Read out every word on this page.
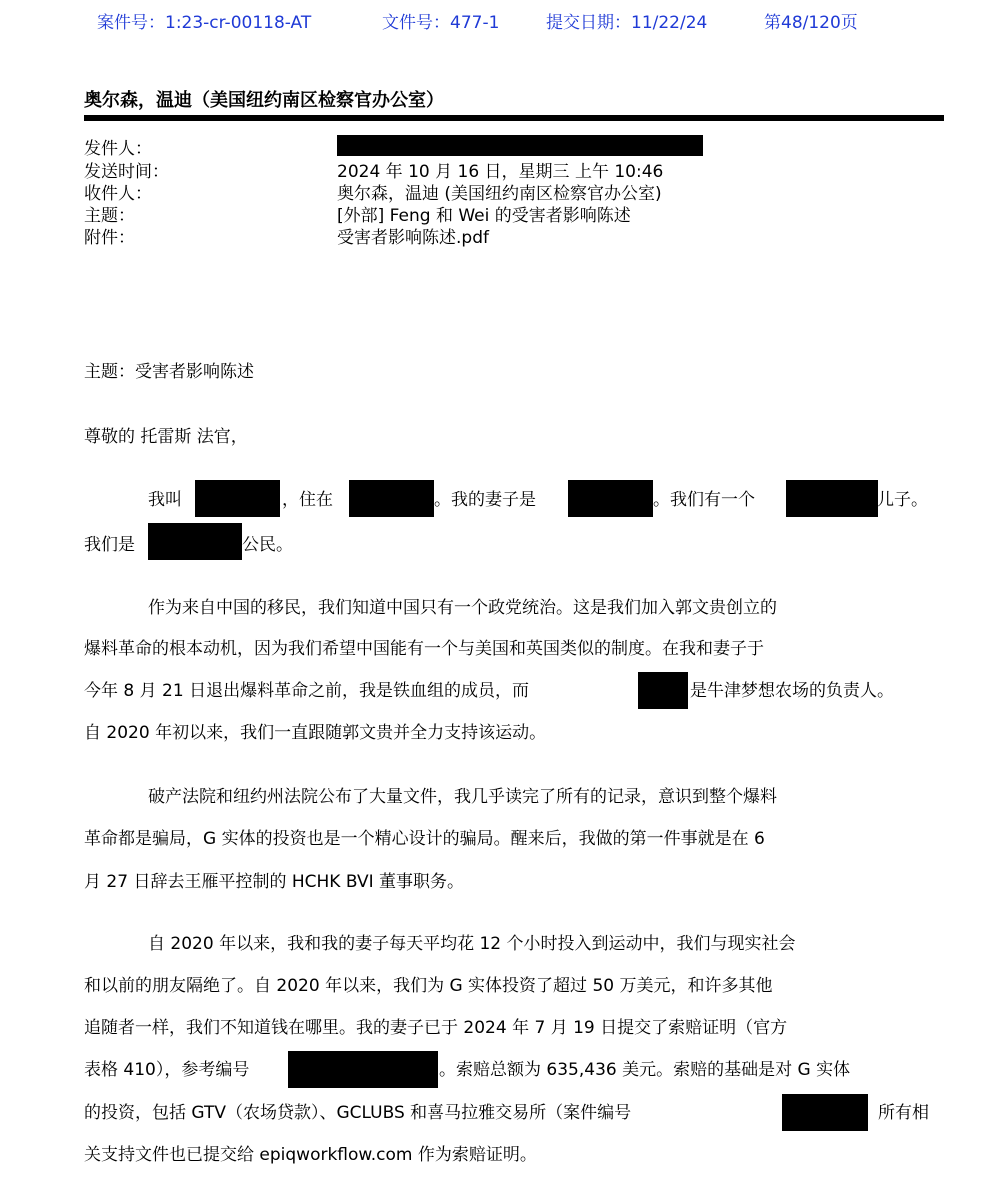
案件号：1:23-cr-00118-AT	文件号：477-1	提交日期：11/22/24	第48/120页
奥尔森，温迪（美国纽约南区检察官办公室）
发件人：
发送时间：	2024 年 10 月 16 日，星期三 上午 10:46
收件人：	奥尔森，温迪 (美国纽约南区检察官办公室)
主题：	[外部] Feng 和 Wei 的受害者影响陈述
附件：	受害者影响陈述.pdf
主题：受害者影响陈述
尊敬的 托雷斯 法官，
我叫	，住在	。我的妻子是	。我们有一个	儿子。
我们是	公民。
作为来自中国的移民，我们知道中国只有一个政党统治。这是我们加入郭文贵创立的
爆料革命的根本动机，因为我们希望中国能有一个与美国和英国类似的制度。在我和妻子于
今年 8 月 21 日退出爆料革命之前，我是铁血组的成员，而	是牛津梦想农场的负责人。
自 2020 年初以来，我们一直跟随郭文贵并全力支持该运动。
破产法院和纽约州法院公布了大量文件，我几乎读完了所有的记录，意识到整个爆料
革命都是骗局，G 实体的投资也是一个精心设计的骗局。醒来后，我做的第一件事就是在 6
月 27 日辞去王雁平控制的 HCHK BVI 董事职务。
自 2020 年以来，我和我的妻子每天平均花 12 个小时投入到运动中，我们与现实社会
和以前的朋友隔绝了。自 2020 年以来，我们为 G 实体投资了超过 50 万美元，和许多其他
追随者一样，我们不知道钱在哪里。我的妻子已于 2024 年 7 月 19 日提交了索赔证明（官方
表格 410），参考编号	。索赔总额为 635,436 美元。索赔的基础是对 G 实体
的投资，包括 GTV（农场贷款）、GCLUBS 和喜马拉雅交易所（案件编号	所有相
关支持文件也已提交给 epiqworkflow.com 作为索赔证明。
